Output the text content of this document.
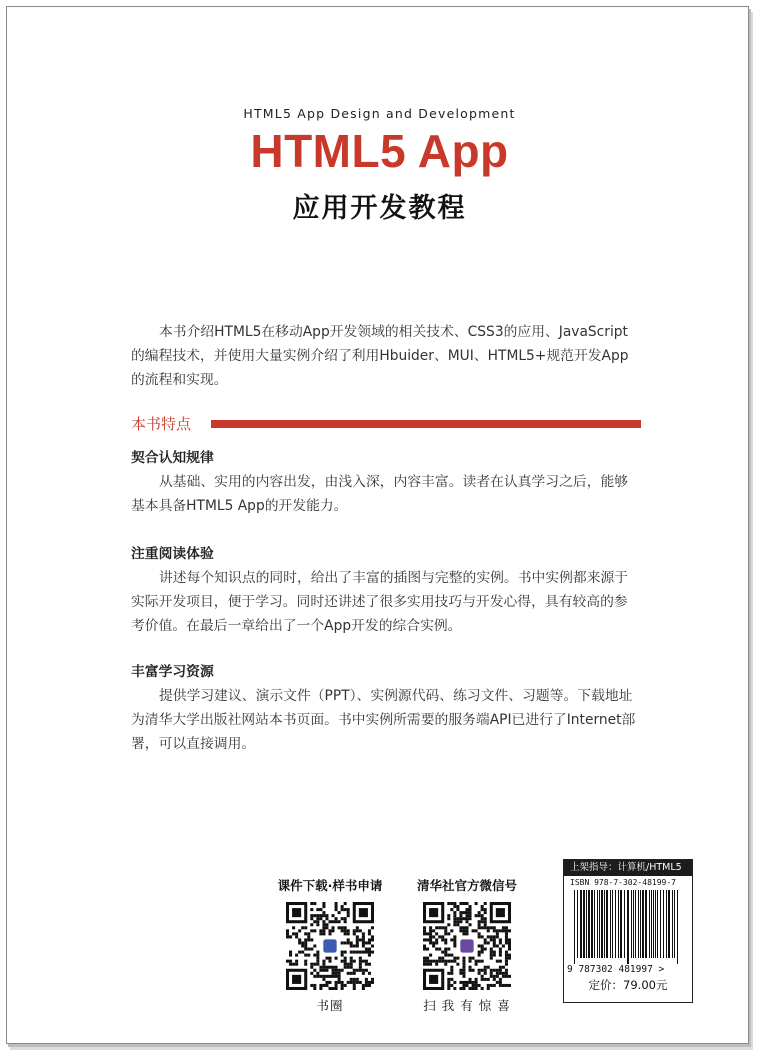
HTML5 App Design and Development
HTML5 App
应用开发教程

本书介绍HTML5在移动App开发领域的相关技术、CSS3的应用、JavaScript的编程技术，并使用大量实例介绍了利用Hbuider、MUI、HTML5+规范开发App的流程和实现。

本书特点
契合认知规律

从基础、实用的内容出发，由浅入深，内容丰富。读者在认真学习之后，能够基本具备HTML5 App的开发能力。

注重阅读体验

讲述每个知识点的同时，给出了丰富的插图与完整的实例。书中实例都来源于实际开发项目，便于学习。同时还讲述了很多实用技巧与开发心得，具有较高的参考价值。在最后一章给出了一个App开发的综合实例。

丰富学习资源

提供学习建议、演示文件（PPT）、实例源代码、练习文件、习题等。下载地址为清华大学出版社网站本书页面。书中实例所需要的服务端API已进行了Internet部署，可以直接调用。

课件下载·样书申请
书圈
清华社官方微信号
扫 我 有 惊 喜
上架指导：计算机/HTML5
ISBN 978-7-302-48199-7
9 787302 481997 >
定价：79.00元
